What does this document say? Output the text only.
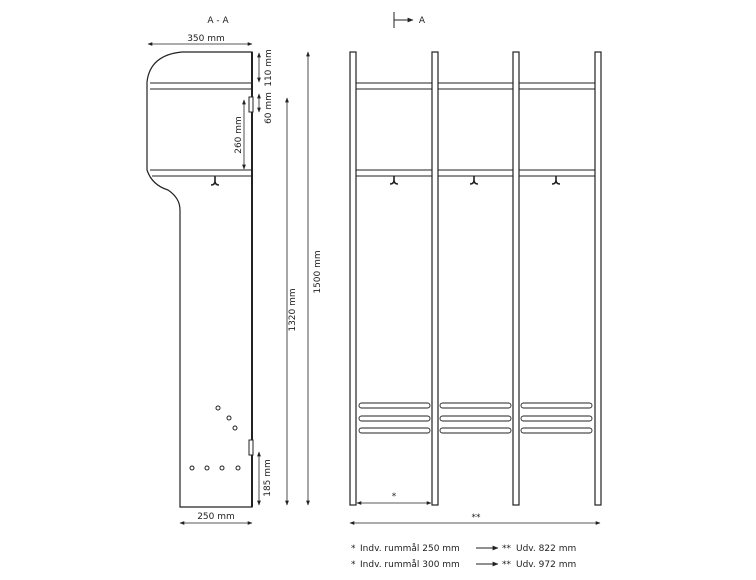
A - A
350 mm
250 mm
110 mm
60 mm
260 mm
1320 mm
1500 mm
185 mm
A
*
**
* Indv. rummål 250 mm	** Udv. 822 mm
* Indv. rummål 300 mm	** Udv. 972 mm
